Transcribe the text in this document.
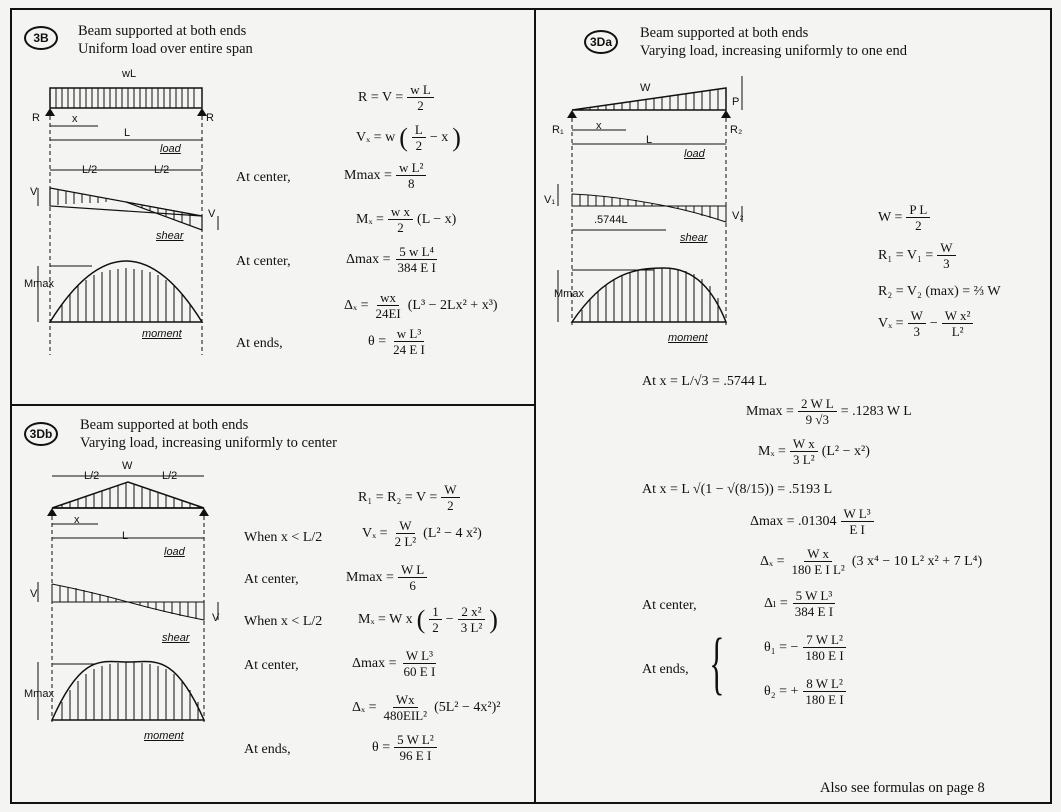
3B	Beam supported at both ends
Uniform load over entire span
wL
R	R
x
L
load
L/2	L/2
V
V
shear
Mmax
moment
$R = V = \frac{\text{w L}}{2}$
Vₓ = w ( $\frac{L}{2} - x$ )
At center,	$Mmax = \frac{\text{w L²}}{8}$
$M_x = \frac{\text{w x}}{2} (L - x)$
At center,	$\Delta\max = \frac{\text{5 w L⁴}}{\text{384 E I}}$
$\Delta_x = \frac{wx}{24EI} (L^3 - 2Lx^2 + x^3)$
At ends,	$\theta = \frac{\text{w L³}}{\text{24 E I}}$
3Db
Beam supported at both ends
Varying load, increasing uniformly to center
W
L/2	L/2
x
L
load
V
V
shear
Mmax
moment
$R_1 = R_2 = V = \frac{W}{2}$
When x < L/2	$V_x = \frac{W}{\text{2 L²}} (L^2 - 4$ x²)
At center,	$Mmax = \frac{\text{W L}}{6}$
When x < L/2	Mₓ = W x ( $\frac{1}{2} - \frac{\text{2 x²}}{\text{3 L²}}$ )
At center,	$\Delta\max = \frac{\text{W L³}}{\text{60 E I}}$
$\Delta_x = \frac{Wx}{\text{480EIL²}} (5L^2 - 4x^2)^2$
At ends,	$\theta = \frac{\text{5 W L²}}{\text{96 E I}}$
3Da
Beam supported at both ends
Varying load, increasing uniformly to one end
W
P
R₁	R₂
x
L
load
V₁
V₂
.5744L
shear
Mmax
moment
$W = \frac{\text{P L}}{2}$
$R_1 = V_1 = \frac{W}{3}$
R₂ = V₂ (max) = ⅔ W
$V_x = \frac{W}{3} - \frac{\text{W x²}}{\text{L²}}$
At x = L/√3 = .5744 L
$Mmax = \frac{\text{2 W L}}{9 √3} = .1283$ W L
$M_x = \frac{\text{W x}}{\text{3 L²}} (L^2 - x^2)$
At x = L √(1 − √(8/15)) = .5193 L
$\Delta\max = .01304 \frac{\text{W L³}}{\text{E I}}$
$\Delta_x = \frac{\text{W x}}{\text{180 E I L²}} (3$ x⁴ − 10 L² x² + 7 L⁴)
At center,	$\Delta_l = \frac{\text{5 W L³}}{\text{384 E I}}$
At ends, {	θ₁ = − $\frac{\text{7 W L²}}{\text{180 E I}}$
θ₂ = + $\frac{\text{8 W L²}}{\text{180 E I}}$
Also see formulas on page 8
